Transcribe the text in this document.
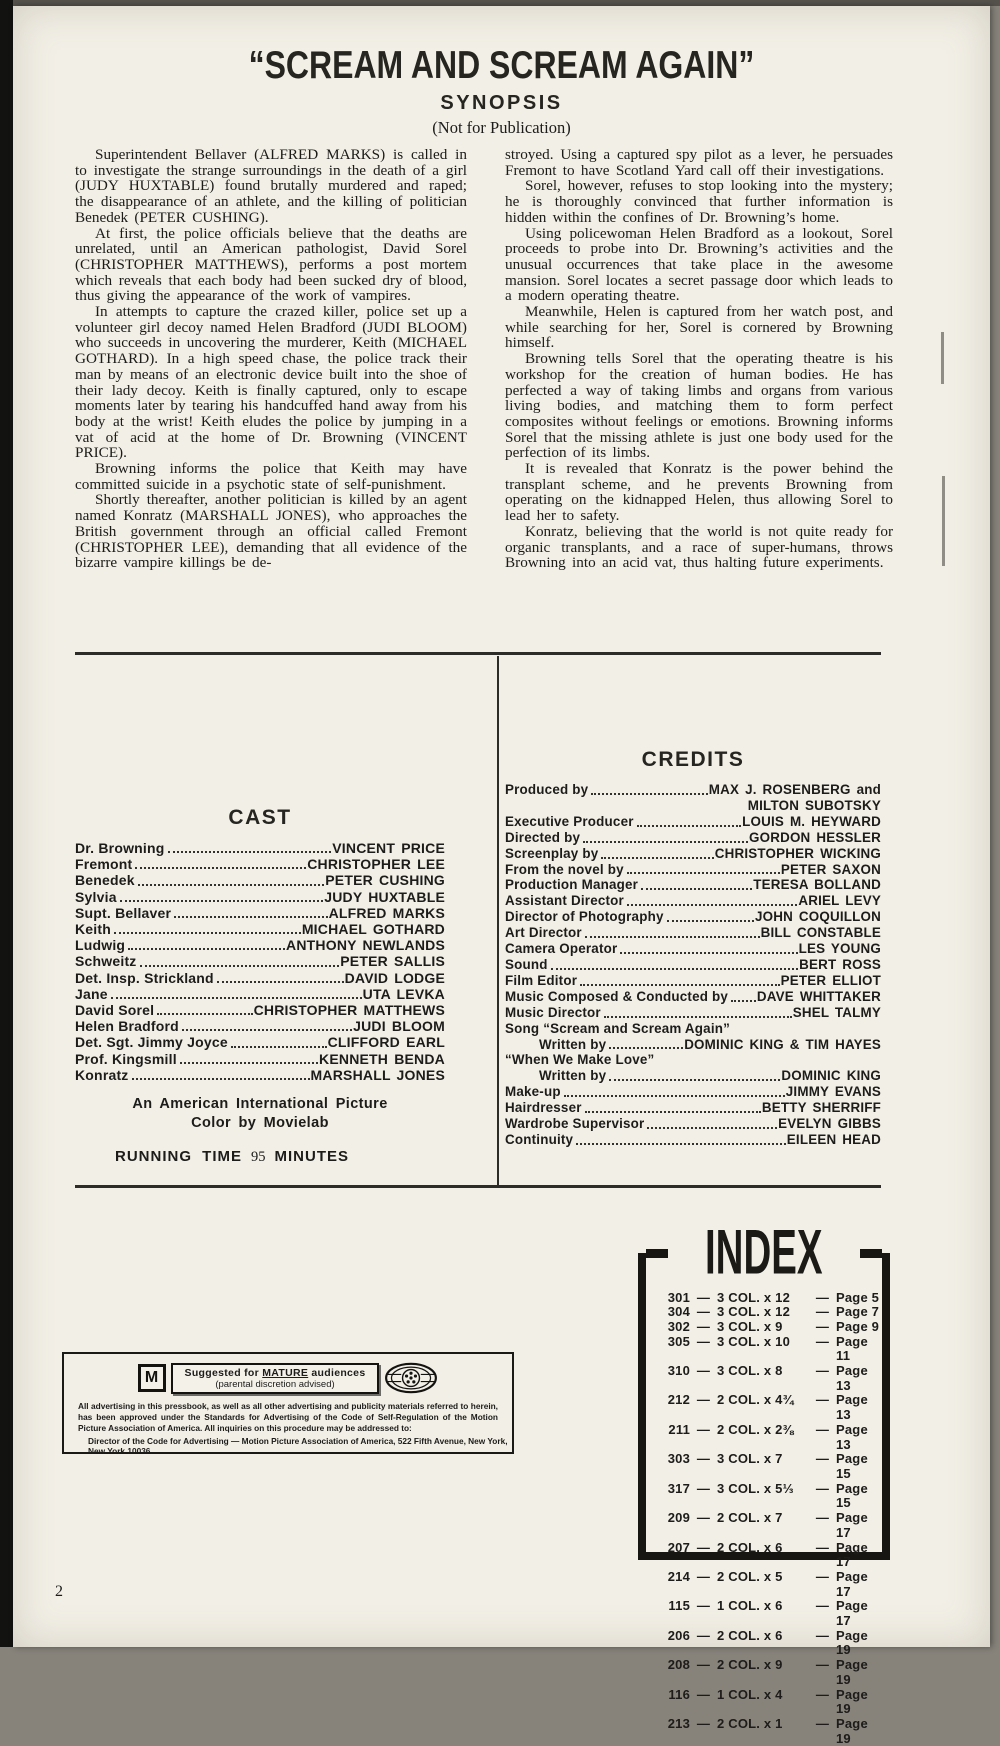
“SCREAM AND SCREAM AGAIN”
SYNOPSIS
(Not for Publication)

Superintendent Bellaver (ALFRED MARKS) is called in to investigate the strange surroundings in the death of a girl (JUDY HUXTABLE) found brutally murdered and raped; the disappearance of an athlete, and the killing of politician Benedek (PETER CUSHING).

At first, the police officials believe that the deaths are unrelated, until an American pathologist, David Sorel (CHRISTOPHER MATTHEWS), performs a post mortem which reveals that each body had been sucked dry of blood, thus giving the appearance of the work of vampires.

In attempts to capture the crazed killer, police set up a volunteer girl decoy named Helen Bradford (JUDI BLOOM) who succeeds in uncovering the murderer, Keith (MICHAEL GOTHARD). In a high speed chase, the police track their man by means of an electronic device built into the shoe of their lady decoy. Keith is finally captured, only to escape moments later by tearing his handcuffed hand away from his body at the wrist! Keith eludes the police by jumping in a vat of acid at the home of Dr. Browning (VINCENT PRICE).

Browning informs the police that Keith may have committed suicide in a psychotic state of self-punishment.

Shortly thereafter, another politician is killed by an agent named Konratz (MARSHALL JONES), who approaches the British government through an official called Fremont (CHRISTOPHER LEE), demanding that all evidence of the bizarre vampire killings be de-

stroyed. Using a captured spy pilot as a lever, he persuades Fremont to have Scotland Yard call off their investigations.

Sorel, however, refuses to stop looking into the mystery; he is thoroughly convinced that further information is hidden within the confines of Dr. Browning’s home.

Using policewoman Helen Bradford as a lookout, Sorel proceeds to probe into Dr. Browning’s activities and the unusual occurrences that take place in the awesome mansion. Sorel locates a secret passage door which leads to a modern operating theatre.

Meanwhile, Helen is captured from her watch post, and while searching for her, Sorel is cornered by Browning himself.

Browning tells Sorel that the operating theatre is his workshop for the creation of human bodies. He has perfected a way of taking limbs and organs from various living bodies, and matching them to form perfect composites without feelings or emotions. Browning informs Sorel that the missing athlete is just one body used for the perfection of its limbs.

It is revealed that Konratz is the power behind the transplant scheme, and he prevents Browning from operating on the kidnapped Helen, thus allowing Sorel to lead her to safety.

Konratz, believing that the world is not quite ready for organic transplants, and a race of super-humans, throws Browning into an acid vat, thus halting future experiments.

CAST
Dr. Browning	VINCENT PRICE
Fremont	CHRISTOPHER LEE
Benedek	PETER CUSHING
Sylvia	JUDY HUXTABLE
Supt. Bellaver	ALFRED MARKS
Keith	MICHAEL GOTHARD
Ludwig	ANTHONY NEWLANDS
Schweitz	PETER SALLIS
Det. Insp. Strickland	DAVID LODGE
Jane	UTA LEVKA
David Sorel	CHRISTOPHER MATTHEWS
Helen Bradford	JUDI BLOOM
Det. Sgt. Jimmy Joyce	CLIFFORD EARL
Prof. Kingsmill	KENNETH BENDA
Konratz	MARSHALL JONES
An American International Picture
Color by Movielab
RUNNING TIME 95 MINUTES
CREDITS
Produced by	MAX J. ROSENBERG and
MILTON SUBOTSKY
Executive Producer	LOUIS M. HEYWARD
Directed by	GORDON HESSLER
Screenplay by	CHRISTOPHER WICKING
From the novel by	PETER SAXON
Production Manager	TERESA BOLLAND
Assistant Director	ARIEL LEVY
Director of Photography	JOHN COQUILLON
Art Director	BILL CONSTABLE
Camera Operator	LES YOUNG
Sound	BERT ROSS
Film Editor	PETER ELLIOT
Music Composed & Conducted by DAVE WHITTAKER
Music Director	SHEL TALMY
Song “Scream and Scream Again”
Written by	DOMINIC KING & TIM HAYES
“When We Make Love”
Written by	DOMINIC KING
Make-up	JIMMY EVANS
Hairdresser	BETTY SHERRIFF
Wardrobe Supervisor	EVELYN GIBBS
Continuity	EILEEN HEAD
INDEX
301 — 3 COL. x 12	— Page 5
304 — 3 COL. x 12	— Page 7
302 — 3 COL. x 9	— Page 9
305 — 3 COL. x 10	— Page 11
310 — 3 COL. x 8	— Page 13
212 — 2 COL. x 4¾	— Page 13
211 — 2 COL. x 2⅜	— Page 13
303 — 3 COL. x 7	— Page 15
317 — 3 COL. x 5⅓	— Page 15
209 — 2 COL. x 7	— Page 17
207 — 2 COL. x 6	— Page 17
214 — 2 COL. x 5	— Page 17
115 — 1 COL. x 6	— Page 17
206 — 2 COL. x 6	— Page 19
208 — 2 COL. x 9	— Page 19
116 — 1 COL. x 4	— Page 19
213 — 2 COL. x 1	— Page 19
M	Suggested for MATURE audiences
(parental discretion advised)

All advertising in this pressbook, as well as all other advertising and publicity materials referred to herein, has been approved under the Standards for Advertising of the Code of Self-Regulation of the Motion Picture Association of America. All inquiries on this procedure may be addressed to:

Director of the Code for Advertising — Motion Picture Association of America, 522 Fifth Avenue, New York, New York 10036.

2
